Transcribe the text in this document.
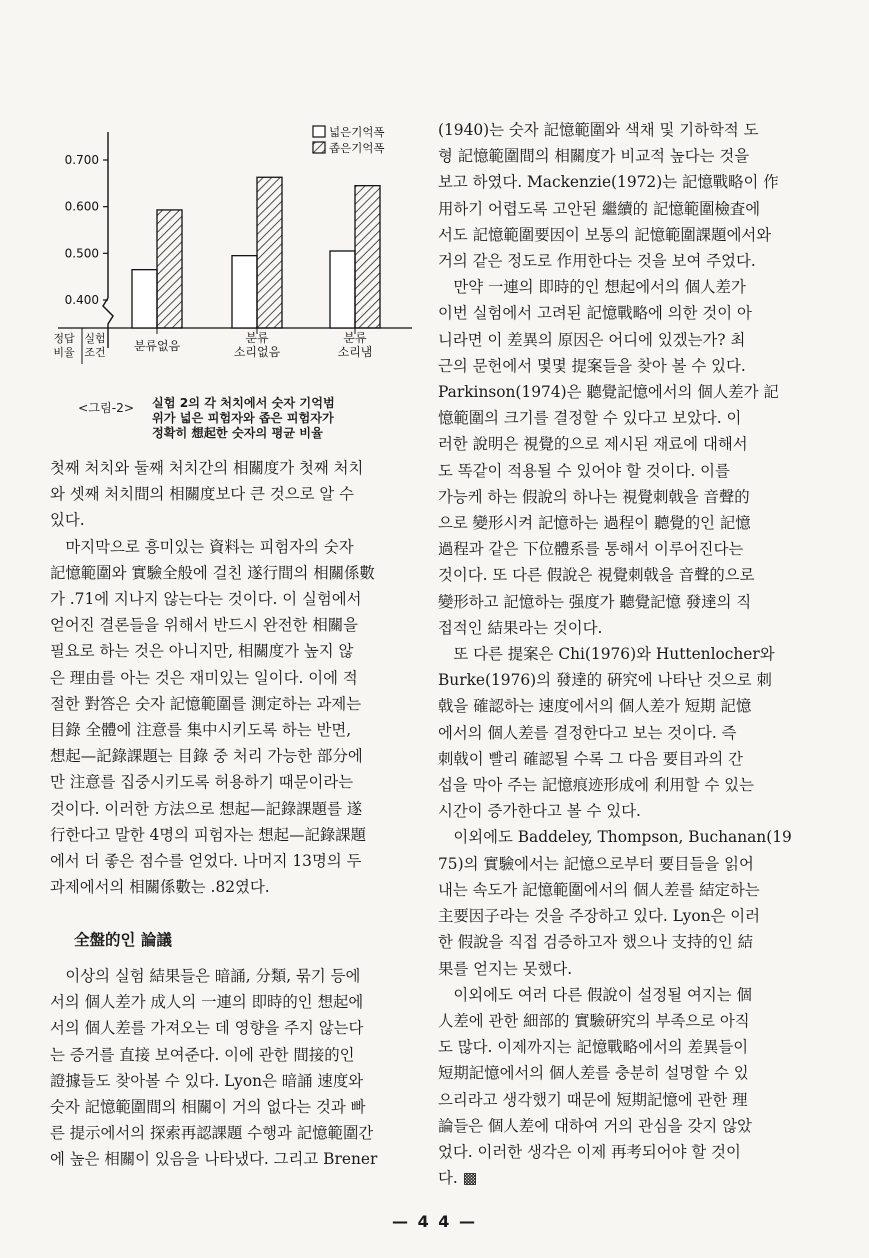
0.400
0.500
0.600
0.700
분류없음
분류
소리없음
분류
소리냄
넓은기억폭
좁은기억폭
정답
비율
실험
조건
<그림-2> 실험 2의 각 처치에서 숫자 기억범
위가 넓은 피험자와 좁은 피험자가
정확히 想起한 숫자의 평균 비율

첫째 처치와 둘째 처치간의 相關度가 첫째 처치

와 셋째 처치間의 相關度보다 큰 것으로 알 수

있다.

　마지막으로 흥미있는 資料는 피험자의 숫자

記憶範圍와 實驗全般에 걸친 遂行間의 相關係數

가 .71에 지나지 않는다는 것이다. 이 실험에서

얻어진 결론들을 위해서 반드시 완전한 相關을

필요로 하는 것은 아니지만, 相關度가 높지 않

은 理由를 아는 것은 재미있는 일이다. 이에 적

절한 對答은 숫자 記憶範圍를 測定하는 과제는

目錄 全體에 注意를 集中시키도록 하는 반면,

想起—記錄課題는 目錄 중 처리 가능한 部分에

만 注意를 집중시키도록 허용하기 때문이라는

것이다. 이러한 方法으로 想起—記錄課題를 遂

行한다고 말한 4명의 피험자는 想起—記錄課題

에서 더 좋은 점수를 얻었다. 나머지 13명의 두

과제에서의 相關係數는 .82였다.

全盤的인 論議

　이상의 실험 結果들은 暗誦, 分類, 묶기 등에

서의 個人差가 成人의 一連의 即時的인 想起에

서의 個人差를 가져오는 데 영향을 주지 않는다

는 증거를 直接 보여준다. 이에 관한 間接的인

證據들도 찾아볼 수 있다. Lyon은 暗誦 速度와

숫자 記憶範圍間의 相關이 거의 없다는 것과 빠

른 提示에서의 探索再認課題 수행과 記憶範圍간

에 높은 相關이 있음을 나타냈다. 그리고 Brener

(1940)는 숫자 記憶範圍와 색채 및 기하학적 도

형 記憶範圍間의 相關度가 비교적 높다는 것을

보고 하였다. Mackenzie(1972)는 記憶戰略이 作

用하기 어렵도록 고안된 繼續的 記憶範圍檢査에

서도 記憶範圍要因이 보통의 記憶範圍課題에서와

거의 같은 정도로 作用한다는 것을 보여 주었다.

　만약 一連의 即時的인 想起에서의 個人差가

이번 실험에서 고려된 記憶戰略에 의한 것이 아

니라면 이 差異의 原因은 어디에 있겠는가? 최

근의 문헌에서 몇몇 提案들을 찾아 볼 수 있다.

Parkinson(1974)은 聽覺記憶에서의 個人差가 記

憶範圍의 크기를 결정할 수 있다고 보았다. 이

러한 說明은 視覺的으로 제시된 재료에 대해서

도 똑같이 적용될 수 있어야 할 것이다. 이를

가능케 하는 假說의 하나는 視覺刺戟을 音聲的

으로 變形시켜 記憶하는 過程이 聽覺的인 記憶

過程과 같은 下位體系를 통해서 이루어진다는

것이다. 또 다른 假說은 視覺刺戟을 音聲的으로

變形하고 記憶하는 强度가 聽覺記憶 發達의 직

접적인 結果라는 것이다.

　또 다른 提案은 Chi(1976)와 Huttenlocher와

Burke(1976)의 發達的 硏究에 나타난 것으로 刺

戟을 確認하는 速度에서의 個人差가 短期 記憶

에서의 個人差를 결정한다고 보는 것이다. 즉

刺戟이 빨리 確認될 수록 그 다음 要目과의 간

섭을 막아 주는 記憶痕迹形成에 利用할 수 있는

시간이 증가한다고 볼 수 있다.

　이외에도 Baddeley, Thompson, Buchanan(19

75)의 實驗에서는 記憶으로부터 要目들을 읽어

내는 속도가 記憶範圍에서의 個人差를 結定하는

主要因子라는 것을 주장하고 있다. Lyon은 이러

한 假說을 직접 검증하고자 했으나 支持的인 結

果를 얻지는 못했다.

　이외에도 여러 다른 假說이 설정될 여지는 個

人差에 관한 細部的 實驗硏究의 부족으로 아직

도 많다. 이제까지는 記憶戰略에서의 差異들이

短期記憶에서의 個人差를 충분히 설명할 수 있

으리라고 생각했기 때문에 短期記憶에 관한 理

論들은 個人差에 대하여 거의 관심을 갖지 않았

었다. 이러한 생각은 이제 再考되어야 할 것이

다. ▩

— 4 4 —
